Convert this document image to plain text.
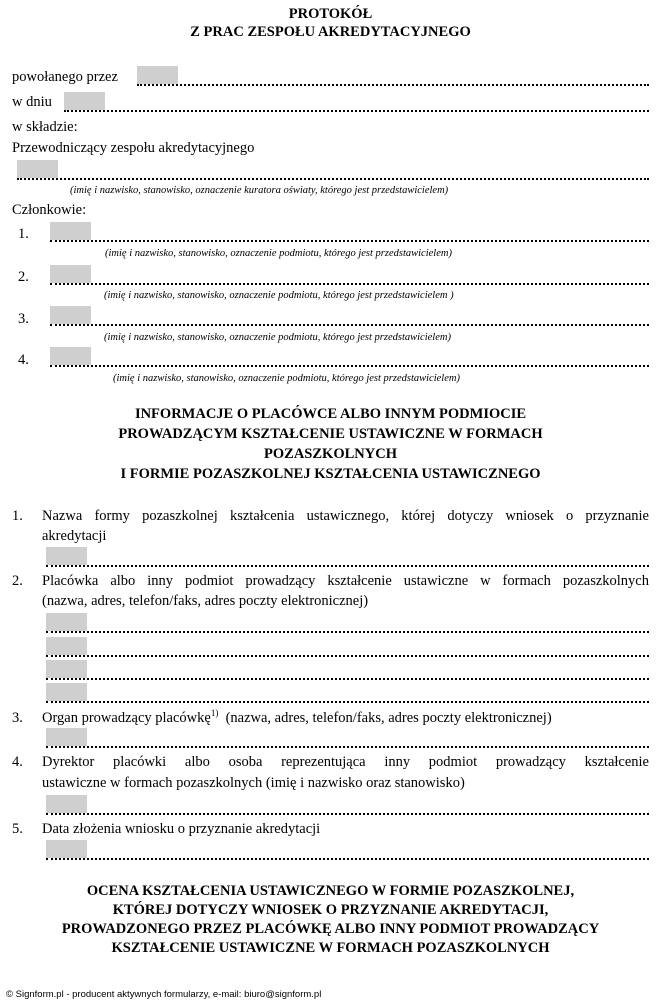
PROTOKÓŁ
Z PRAC ZESPOŁU AKREDYTACYJNEGO
powołanego przez
w dniu
w składzie:
Przewodniczący zespołu akredytacyjnego
(imię i nazwisko, stanowisko, oznaczenie kuratora oświaty, którego jest przedstawicielem)
Członkowie:
1.
(imię i nazwisko, stanowisko, oznaczenie podmiotu, którego jest przedstawicielem)
2.
(imię i nazwisko, stanowisko, oznaczenie podmiotu, którego jest przedstawicielem )
3.
(imię i nazwisko, stanowisko, oznaczenie podmiotu, którego jest przedstawicielem)
4.
(imię i nazwisko, stanowisko, oznaczenie podmiotu, którego jest przedstawicielem)
INFORMACJE O PLACÓWCE ALBO INNYM PODMIOCIE
PROWADZĄCYM KSZTAŁCENIE USTAWICZNE W FORMACH
POZASZKOLNYCH
I FORMIE POZASZKOLNEJ KSZTAŁCENIA USTAWICZNEGO
1. Nazwa formy pozaszkolnej kształcenia ustawicznego, której dotyczy wniosek o przyznanie
akredytacji
2. Placówka albo inny podmiot prowadzący kształcenie ustawiczne w formach pozaszkolnych
(nazwa, adres, telefon/faks, adres poczty elektronicznej)
3. Organ prowadzący placówkę$^{1)}$  (nazwa, adres, telefon/faks, adres poczty elektronicznej)
4. Dyrektor placówki albo osoba reprezentująca inny podmiot prowadzący kształcenie
ustawiczne w formach pozaszkolnych (imię i nazwisko oraz stanowisko)
5. Data złożenia wniosku o przyznanie akredytacji
OCENA KSZTAŁCENIA USTAWICZNEGO W FORMIE POZASZKOLNEJ,
KTÓREJ DOTYCZY WNIOSEK O PRZYZNANIE AKREDYTACJI,
PROWADZONEGO PRZEZ PLACÓWKĘ ALBO INNY PODMIOT PROWADZĄCY
KSZTAŁCENIE USTAWICZNE W FORMACH POZASZKOLNYCH
© Signform.pl - producent aktywnych formularzy, e-mail: biuro@signform.pl
